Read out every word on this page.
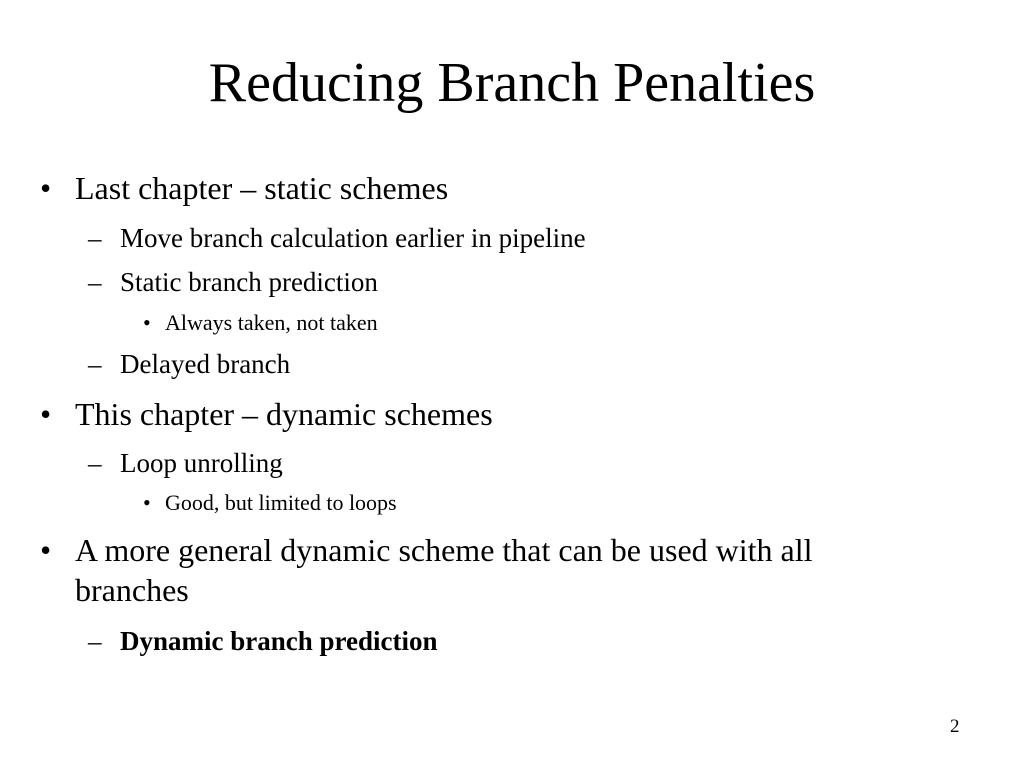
Reducing Branch Penalties
• Last chapter – static schemes
– Move branch calculation earlier in pipeline
– Static branch prediction
• Always taken, not taken
– Delayed branch
• This chapter – dynamic schemes
– Loop unrolling
• Good, but limited to loops
• A more general dynamic scheme that can be used with all
branches
– Dynamic branch prediction
2
